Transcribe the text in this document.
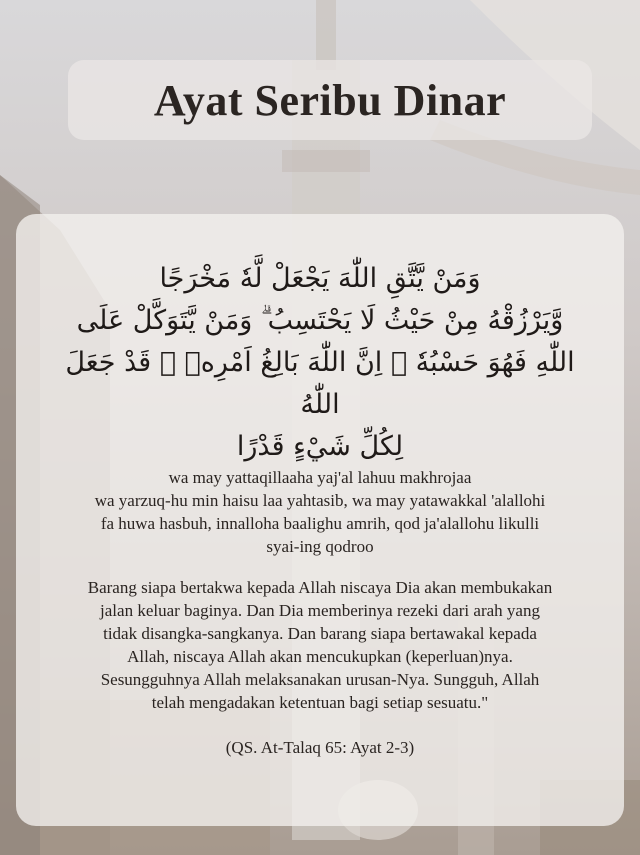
Ayat Seribu Dinar
وَمَنْ يَّتَّقِ اللّٰهَ يَجْعَلْ لَّهٗ مَخْرَجًا
وَّيَرْزُقْهُ مِنْ حَيْثُ لَا يَحْتَسِبُ ۗ وَمَنْ يَّتَوَكَّلْ عَلَى
اللّٰهِ فَهُوَ حَسْبُهٗ ۗ اِنَّ اللّٰهَ بَالِغُ اَمْرِهٖ ۗ قَدْ جَعَلَ اللّٰهُ
لِكُلِّ شَيْءٍ قَدْرًا
wa may yattaqillaaha yaj'al lahuu makhrojaa
wa yarzuq-hu min haisu laa yahtasib, wa may yatawakkal 'alallohi
fa huwa hasbuh, innalloha baalighu amrih, qod ja'alallohu likulli
syai-ing qodroo
Barang siapa bertakwa kepada Allah niscaya Dia akan membukakan
jalan keluar baginya. Dan Dia memberinya rezeki dari arah yang
tidak disangka-sangkanya. Dan barang siapa bertawakal kepada
Allah, niscaya Allah akan mencukupkan (keperluan)nya.
Sesungguhnya Allah melaksanakan urusan-Nya. Sungguh, Allah
telah mengadakan ketentuan bagi setiap sesuatu."
(QS. At-Talaq 65: Ayat 2-3)
